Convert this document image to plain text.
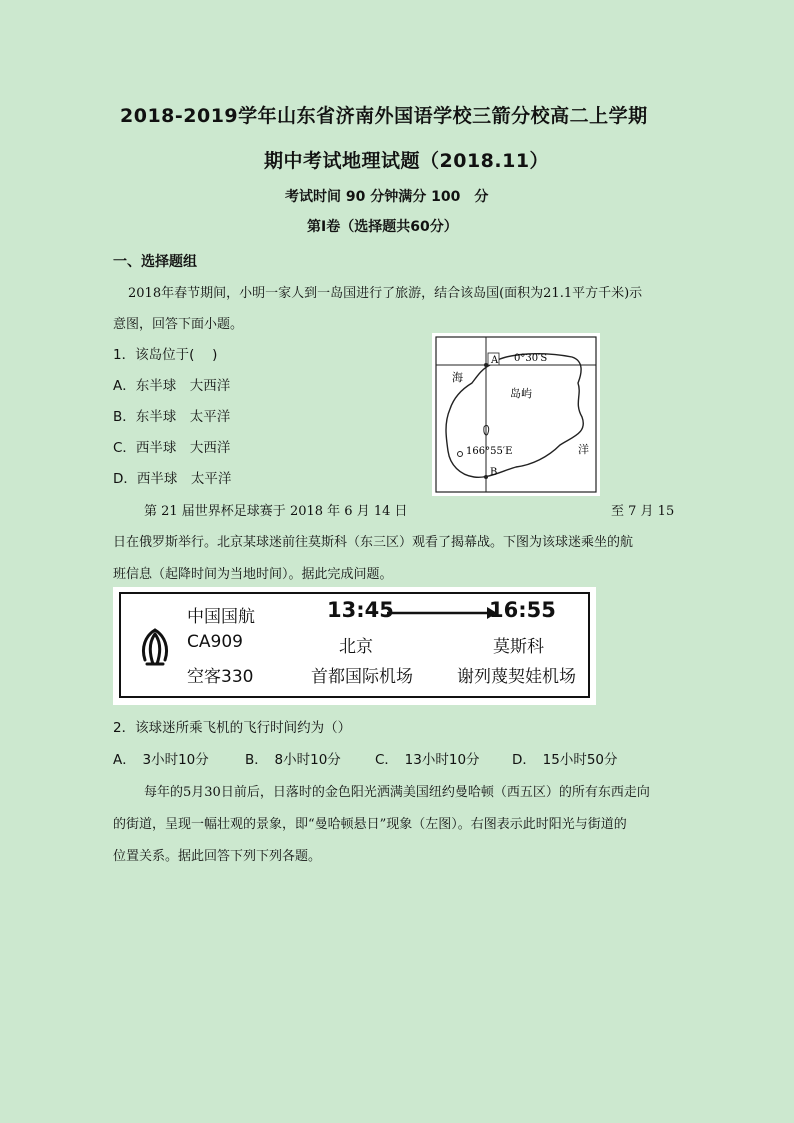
2018-2019学年山东省济南外国语学校三箭分校高二上学期
期中考试地理试题（2018.11）

考试时间 90 分钟满分 100　分

第Ⅰ卷（选择题共60分）

一、选择题组

2018年春节期间，小明一家人到一岛国进行了旅游，结合该岛国(面积为21.1平方千米)示

意图，回答下面小题。

1．该岛位于(　 )

A．东半球　大西洋

B．东半球　太平洋

C．西半球　大西洋

D．西半球　太平洋

A
B
0°30′S
166°55′E
海
洋
岛屿

第 21 届世界杯足球赛于 2018 年 6 月 14 日	至 7 月 15

日在俄罗斯举行。北京某球迷前往莫斯科（东三区）观看了揭幕战。下图为该球迷乘坐的航

班信息（起降时间为当地时间）。据此完成问题。

中国国航
CA909
空客330
13:45	16:55
北京	莫斯科
首都国际机场	谢列蔑契娃机场

2．该球迷所乘飞机的飞行时间约为（）

A．　3小时10分	B．　8小时10分	C．　13小时10分 D．　15小时50分

每年的5月30日前后，日落时的金色阳光洒满美国纽约曼哈顿（西五区）的所有东西走向

的街道，呈现一幅壮观的景象，即“曼哈顿悬日”现象（左图）。右图表示此时阳光与街道的

位置关系。据此回答下列下列各题。
